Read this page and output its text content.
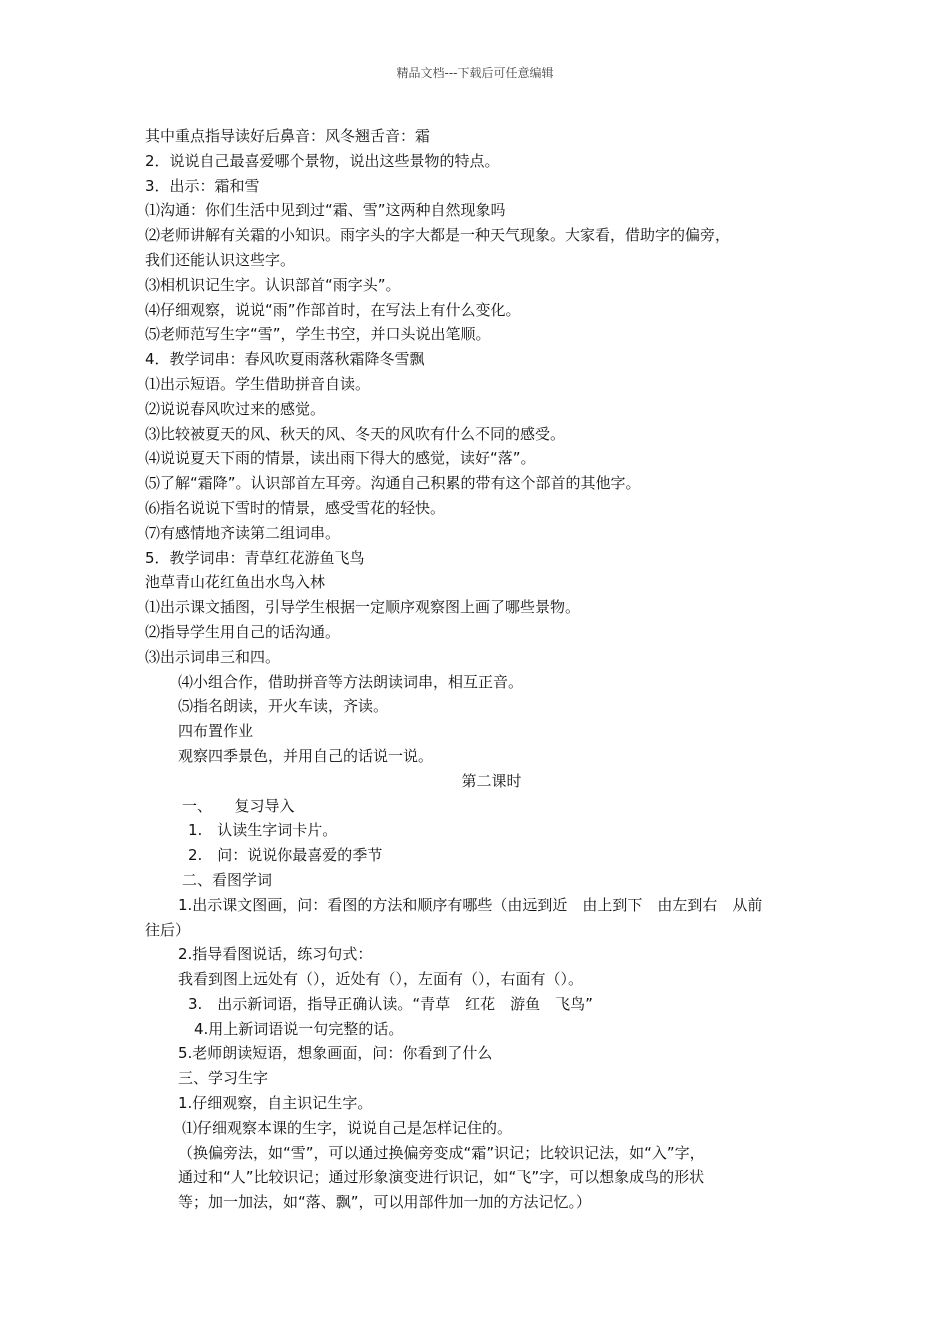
精品文档---下载后可任意编辑
其中重点指导读好后鼻音：风冬翘舌音：霜
2．说说自己最喜爱哪个景物，说出这些景物的特点。
3．出示：霜和雪
⑴沟通：你们生活中见到过“霜、雪”这两种自然现象吗
⑵老师讲解有关霜的小知识。雨字头的字大都是一种天气现象。大家看，借助字的偏旁，
我们还能认识这些字。
⑶相机识记生字。认识部首“雨字头”。
⑷仔细观察，说说“雨”作部首时，在写法上有什么变化。
⑸老师范写生字“雪”，学生书空，并口头说出笔顺。
4．教学词串：春风吹夏雨落秋霜降冬雪飘
⑴出示短语。学生借助拼音自读。
⑵说说春风吹过来的感觉。
⑶比较被夏天的风、秋天的风、冬天的风吹有什么不同的感受。
⑷说说夏天下雨的情景，读出雨下得大的感觉，读好“落”。
⑸了解“霜降”。认识部首左耳旁。沟通自己积累的带有这个部首的其他字。
⑹指名说说下雪时的情景，感受雪花的轻快。
⑺有感情地齐读第二组词串。
5．教学词串：青草红花游鱼飞鸟
池草青山花红鱼出水鸟入林
⑴出示课文插图，引导学生根据一定顺序观察图上画了哪些景物。
⑵指导学生用自己的话沟通。
⑶出示词串三和四。
⑷小组合作，借助拼音等方法朗读词串，相互正音。
⑸指名朗读，开火车读，齐读。
四布置作业
观察四季景色，并用自己的话说一说。
第二课时
一、　　复习导入
1.　认读生字词卡片。
2.　问：说说你最喜爱的季节
二、看图学词
1.出示课文图画，问：看图的方法和顺序有哪些（由远到近　由上到下　由左到右　从前
往后）
2.指导看图说话，练习句式：
我看到图上远处有（），近处有（），左面有（），右面有（）。
3.　出示新词语，指导正确认读。“青草　红花　游鱼　飞鸟”
4.用上新词语说一句完整的话。
5.老师朗读短语，想象画面，问：你看到了什么
三、学习生字
1.仔细观察，自主识记生字。
⑴仔细观察本课的生字，说说自己是怎样记住的。
（换偏旁法，如“雪”，可以通过换偏旁变成“霜”识记；比较识记法，如“入”字，
通过和“人”比较识记；通过形象演变进行识记，如“飞”字，可以想象成鸟的形状
等；加一加法，如“落、飘”，可以用部件加一加的方法记忆。）
